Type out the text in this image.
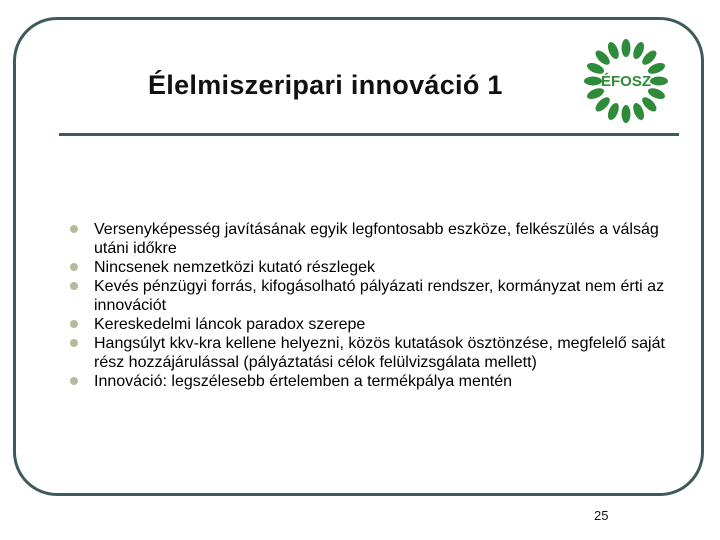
Élelmiszeripari innováció 1	ÉFOSZ
Versenyképesség javításának egyik legfontosabb eszköze, felkészülés a válság utáni időkre
Nincsenek nemzetközi kutató részlegek
Kevés pénzügyi forrás, kifogásolható pályázati rendszer, kormányzat nem érti az innovációt
Kereskedelmi láncok paradox szerepe
Hangsúlyt kkv-kra kellene helyezni, közös kutatások ösztönzése, megfelelő saját rész hozzájárulással (pályáztatási célok felülvizsgálata mellett)
Innováció: legszélesebb értelemben a termékpálya mentén
25
